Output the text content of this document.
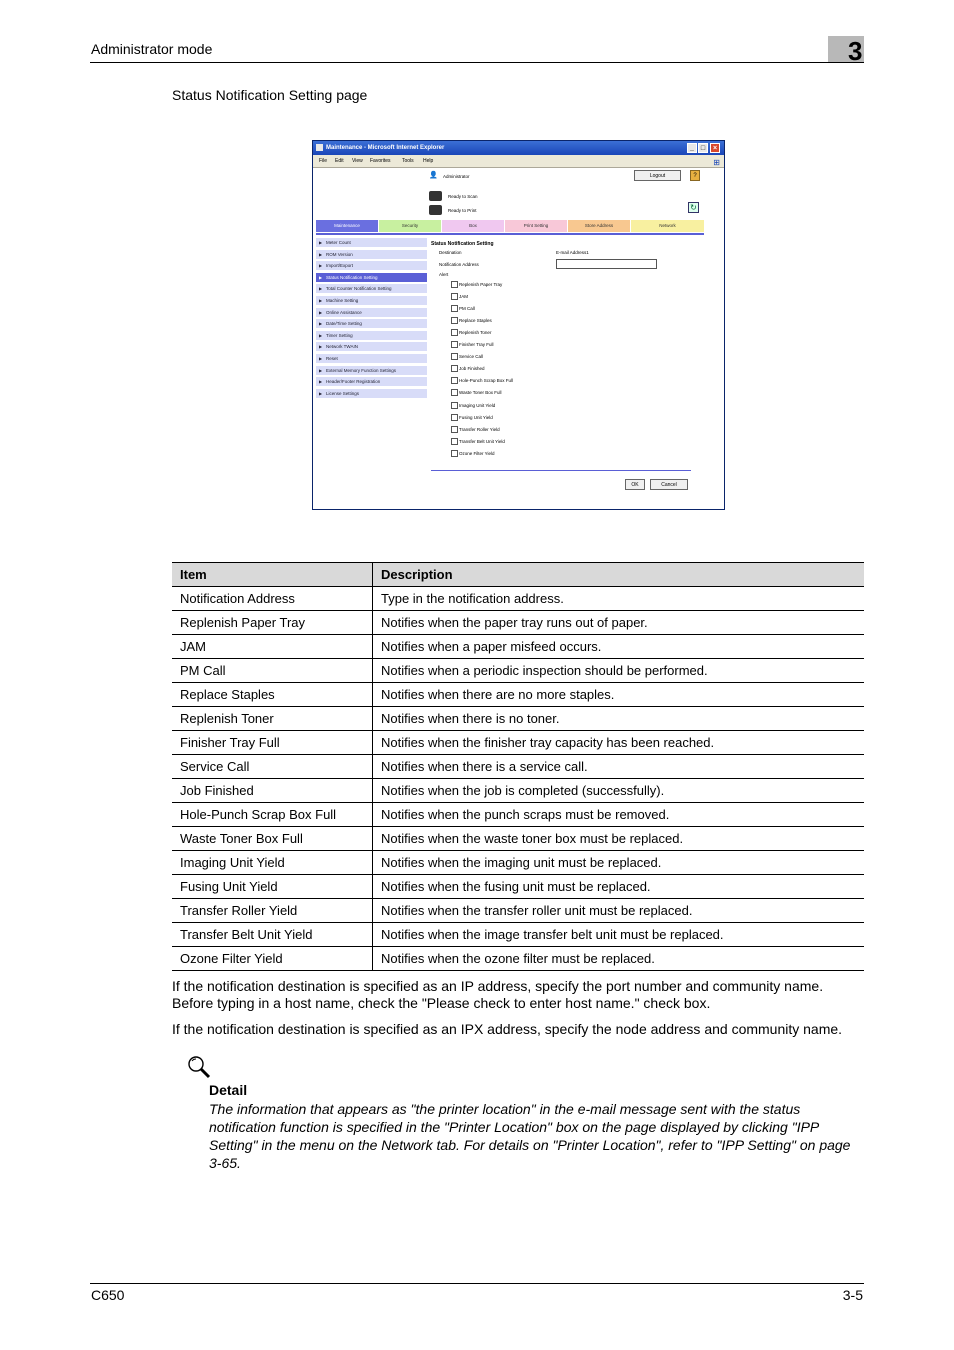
Administrator mode	3
Status Notification Setting page
Maintenance - Microsoft Internet Explorer	_ □	×
File Edit View Favorites Tools Help	⊞
👤 Administrator	Logout	?
Ready to Scan
Ready to Print	↻
Maintenance	Security	Box	Print Setting	Store Address	Network
▶ Meter Count
▶ ROM Version
▶ Import/Export
▶ Status Notification Setting
▶ Total Counter Notification Setting
▶ Machine Setting
▶ Online Assistance
▶ Date/Time Setting
▶ Timer Setting
▶ Network TWAIN
▶ Reset
▶ External Memory Function Settings
▶ Header/Footer Registration
▶ License Settings
Status Notification Setting
Destination	E-mail Address1
Notification Address
Alert
Replenish Paper Tray
JAM
PM Call
Replace Staples
Replenish Toner
Finisher Tray Full
Service Call
Job Finished
Hole-Punch Scrap Box Full
Waste Toner Box Full
Imaging Unit Yield
Fusing Unit Yield
Transfer Roller Yield
Transfer Belt Unit Yield
Ozone Filter Yield
OK	Cancel
Item	Description
Notification Address	Type in the notification address.
Replenish Paper Tray	Notifies when the paper tray runs out of paper.
JAM	Notifies when a paper misfeed occurs.
PM Call	Notifies when a periodic inspection should be performed.
Replace Staples	Notifies when there are no more staples.
Replenish Toner	Notifies when there is no toner.
Finisher Tray Full	Notifies when the finisher tray capacity has been reached.
Service Call	Notifies when there is a service call.
Job Finished	Notifies when the job is completed (successfully).
Hole-Punch Scrap Box Full	Notifies when the punch scraps must be removed.
Waste Toner Box Full	Notifies when the waste toner box must be replaced.
Imaging Unit Yield	Notifies when the imaging unit must be replaced.
Fusing Unit Yield	Notifies when the fusing unit must be replaced.
Transfer Roller Yield	Notifies when the transfer roller unit must be replaced.
Transfer Belt Unit Yield	Notifies when the image transfer belt unit must be replaced.
Ozone Filter Yield	Notifies when the ozone filter must be replaced.
If the notification destination is specified as an IP address, specify the port number and community name. Before typing in a host name, check the "Please check to enter host name." check box.
If the notification destination is specified as an IPX address, specify the node address and community name.
Detail
The information that appears as "the printer location" in the e-mail message sent with the status notification function is specified in the "Printer Location" box on the page displayed by clicking "IPP Setting" in the menu on the Network tab. For details on "Printer Location", refer to "IPP Setting" on page 3-65.
C650	3-5
